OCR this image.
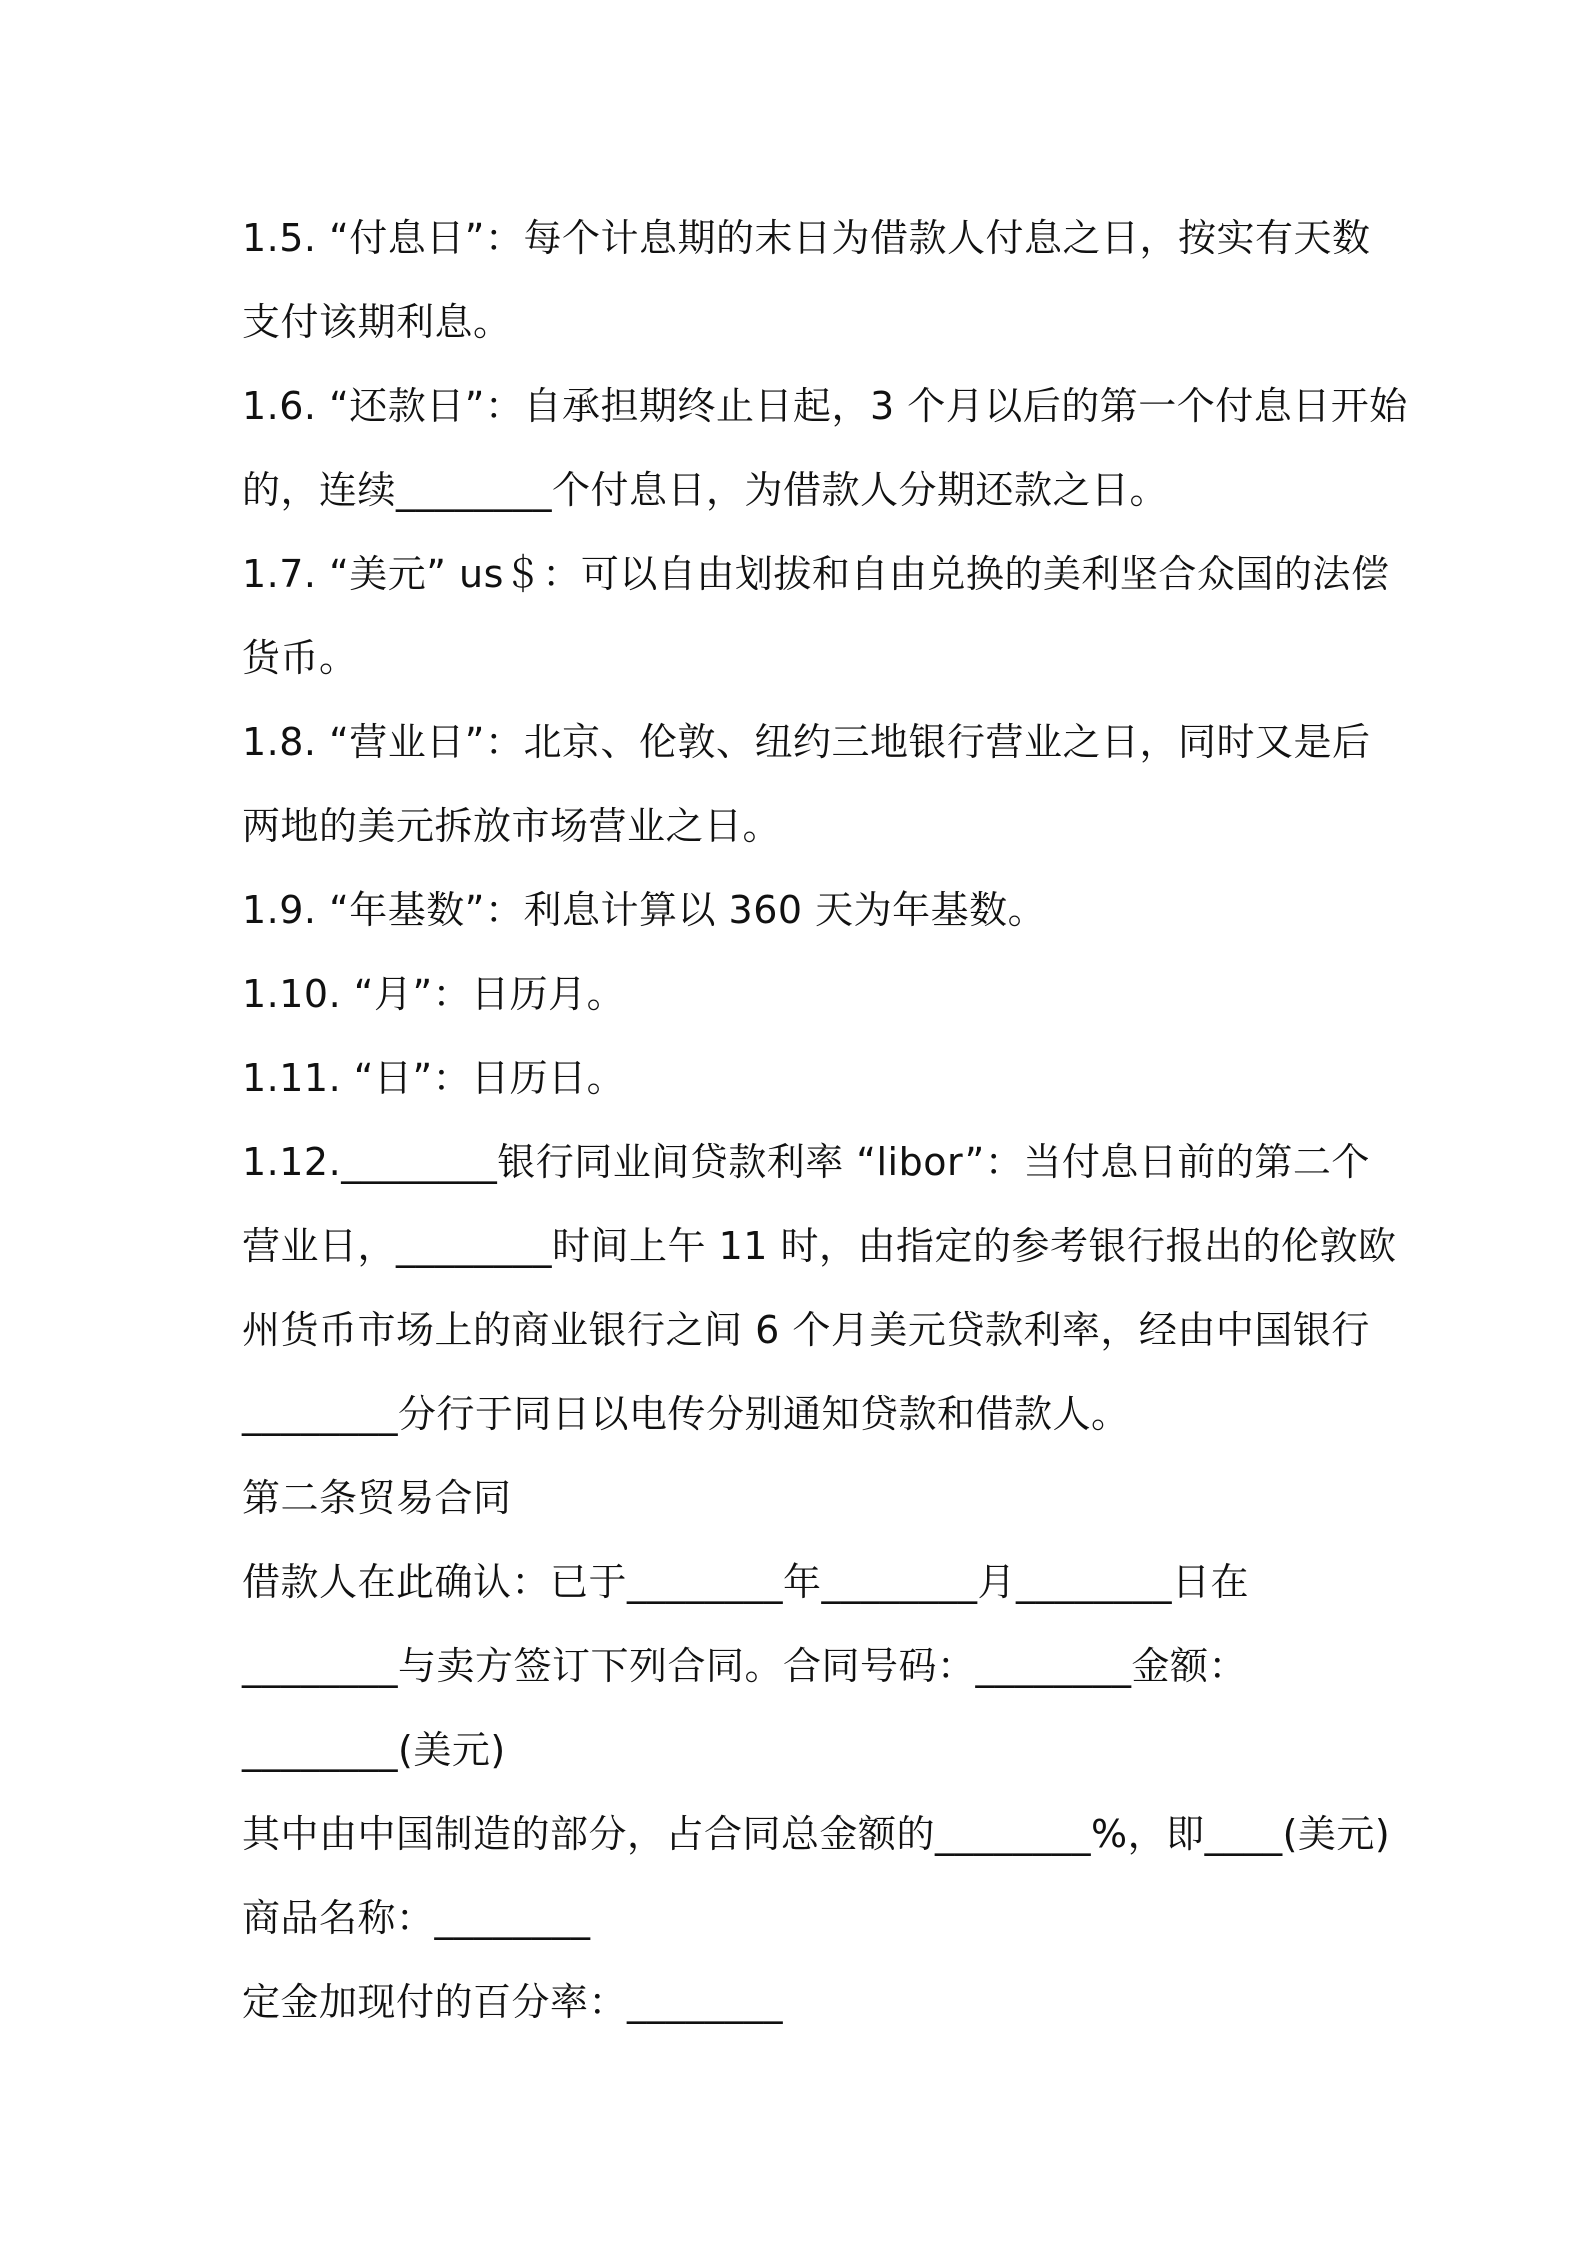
1.5. “付息日”：每个计息期的末日为借款人付息之日，按实有天数
支付该期利息。
1.6. “还款日”：自承担期终止日起，3 个月以后的第一个付息日开始
的，连续________个付息日，为借款人分期还款之日。
1.7. “美元” us＄：可以自由划拔和自由兑换的美利坚合众国的法偿
货币。
1.8. “营业日”：北京、伦敦、纽约三地银行营业之日，同时又是后
两地的美元拆放市场营业之日。
1.9. “年基数”：利息计算以 360 天为年基数。
1.10. “月”：日历月。
1.11. “日”：日历日。
1.12.________银行同业间贷款利率 “libor”：当付息日前的第二个
营业日，________时间上午 11 时，由指定的参考银行报出的伦敦欧
州货币市场上的商业银行之间 6 个月美元贷款利率，经由中国银行
________分行于同日以电传分别通知贷款和借款人。
第二条贸易合同
借款人在此确认：已于________年________月________日在
________与卖方签订下列合同。合同号码：________金额：
________(美元)
其中由中国制造的部分，占合同总金额的________%，即____(美元)
商品名称：________
定金加现付的百分率：________
